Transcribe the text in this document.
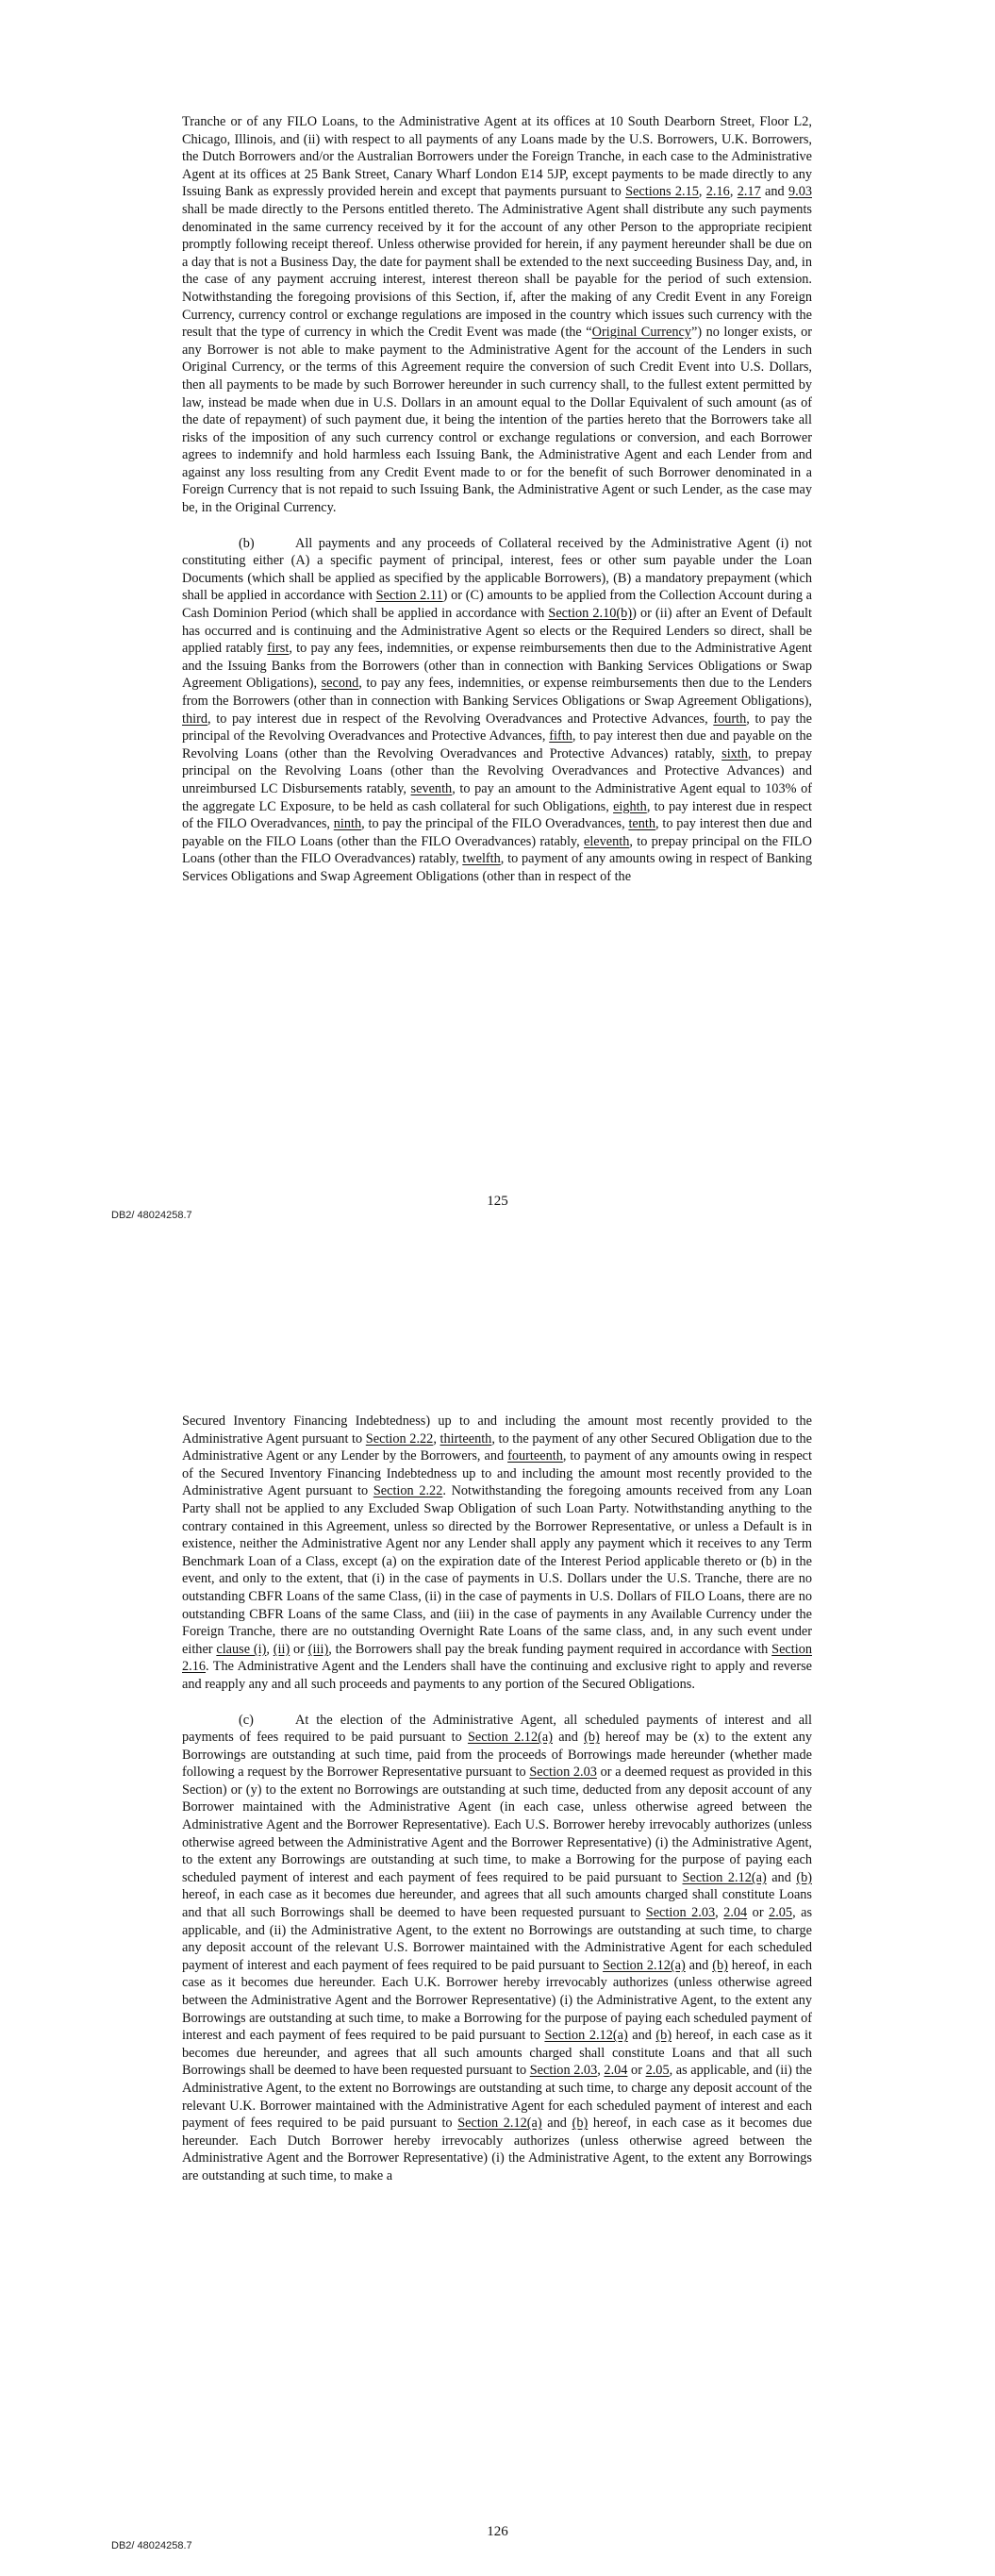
Tranche or of any FILO Loans, to the Administrative Agent at its offices at 10 South Dearborn Street, Floor L2, Chicago, Illinois, and (ii) with respect to all payments of any Loans made by the U.S. Borrowers, U.K. Borrowers, the Dutch Borrowers and/or the Australian Borrowers under the Foreign Tranche, in each case to the Administrative Agent at its offices at 25 Bank Street, Canary Wharf London E14 5JP, except payments to be made directly to any Issuing Bank as expressly provided herein and except that payments pursuant to Sections 2.15, 2.16, 2.17 and 9.03 shall be made directly to the Persons entitled thereto. The Administrative Agent shall distribute any such payments denominated in the same currency received by it for the account of any other Person to the appropriate recipient promptly following receipt thereof. Unless otherwise provided for herein, if any payment hereunder shall be due on a day that is not a Business Day, the date for payment shall be extended to the next succeeding Business Day, and, in the case of any payment accruing interest, interest thereon shall be payable for the period of such extension. Notwithstanding the foregoing provisions of this Section, if, after the making of any Credit Event in any Foreign Currency, currency control or exchange regulations are imposed in the country which issues such currency with the result that the type of currency in which the Credit Event was made (the “Original Currency”) no longer exists, or any Borrower is not able to make payment to the Administrative Agent for the account of the Lenders in such Original Currency, or the terms of this Agreement require the conversion of such Credit Event into U.S. Dollars, then all payments to be made by such Borrower hereunder in such currency shall, to the fullest extent permitted by law, instead be made when due in U.S. Dollars in an amount equal to the Dollar Equivalent of such amount (as of the date of repayment) of such payment due, it being the intention of the parties hereto that the Borrowers take all risks of the imposition of any such currency control or exchange regulations or conversion, and each Borrower agrees to indemnify and hold harmless each Issuing Bank, the Administrative Agent and each Lender from and against any loss resulting from any Credit Event made to or for the benefit of such Borrower denominated in a Foreign Currency that is not repaid to such Issuing Bank, the Administrative Agent or such Lender, as the case may be, in the Original Currency.

(b)	All payments and any proceeds of Collateral received by the Administrative Agent (i) not constituting either (A) a specific payment of principal, interest, fees or other sum payable under the Loan Documents (which shall be applied as specified by the applicable Borrowers), (B) a mandatory prepayment (which shall be applied in accordance with Section 2.11) or (C) amounts to be applied from the Collection Account during a Cash Dominion Period (which shall be applied in accordance with Section 2.10(b)) or (ii) after an Event of Default has occurred and is continuing and the Administrative Agent so elects or the Required Lenders so direct, shall be applied ratably first, to pay any fees, indemnities, or expense reimbursements then due to the Administrative Agent and the Issuing Banks from the Borrowers (other than in connection with Banking Services Obligations or Swap Agreement Obligations), second, to pay any fees, indemnities, or expense reimbursements then due to the Lenders from the Borrowers (other than in connection with Banking Services Obligations or Swap Agreement Obligations), third, to pay interest due in respect of the Revolving Overadvances and Protective Advances, fourth, to pay the principal of the Revolving Overadvances and Protective Advances, fifth, to pay interest then due and payable on the Revolving Loans (other than the Revolving Overadvances and Protective Advances) ratably, sixth, to prepay principal on the Revolving Loans (other than the Revolving Overadvances and Protective Advances) and unreimbursed LC Disbursements ratably, seventh, to pay an amount to the Administrative Agent equal to 103% of the aggregate LC Exposure, to be held as cash collateral for such Obligations, eighth, to pay interest due in respect of the FILO Overadvances, ninth, to pay the principal of the FILO Overadvances, tenth, to pay interest then due and payable on the FILO Loans (other than the FILO Overadvances) ratably, eleventh, to prepay principal on the FILO Loans (other than the FILO Overadvances) ratably, twelfth, to payment of any amounts owing in respect of Banking Services Obligations and Swap Agreement Obligations (other than in respect of the

125
DB2/ 48024258.7

Secured Inventory Financing Indebtedness) up to and including the amount most recently provided to the Administrative Agent pursuant to Section 2.22, thirteenth, to the payment of any other Secured Obligation due to the Administrative Agent or any Lender by the Borrowers, and fourteenth, to payment of any amounts owing in respect of the Secured Inventory Financing Indebtedness up to and including the amount most recently provided to the Administrative Agent pursuant to Section 2.22. Notwithstanding the foregoing amounts received from any Loan Party shall not be applied to any Excluded Swap Obligation of such Loan Party. Notwithstanding anything to the contrary contained in this Agreement, unless so directed by the Borrower Representative, or unless a Default is in existence, neither the Administrative Agent nor any Lender shall apply any payment which it receives to any Term Benchmark Loan of a Class, except (a) on the expiration date of the Interest Period applicable thereto or (b) in the event, and only to the extent, that (i) in the case of payments in U.S. Dollars under the U.S. Tranche, there are no outstanding CBFR Loans of the same Class, (ii) in the case of payments in U.S. Dollars of FILO Loans, there are no outstanding CBFR Loans of the same Class, and (iii) in the case of payments in any Available Currency under the Foreign Tranche, there are no outstanding Overnight Rate Loans of the same class, and, in any such event under either clause (i), (ii) or (iii), the Borrowers shall pay the break funding payment required in accordance with Section 2.16. The Administrative Agent and the Lenders shall have the continuing and exclusive right to apply and reverse and reapply any and all such proceeds and payments to any portion of the Secured Obligations.

(c)	At the election of the Administrative Agent, all scheduled payments of interest and all payments of fees required to be paid pursuant to Section 2.12(a) and (b) hereof may be (x) to the extent any Borrowings are outstanding at such time, paid from the proceeds of Borrowings made hereunder (whether made following a request by the Borrower Representative pursuant to Section 2.03 or a deemed request as provided in this Section) or (y) to the extent no Borrowings are outstanding at such time, deducted from any deposit account of any Borrower maintained with the Administrative Agent (in each case, unless otherwise agreed between the Administrative Agent and the Borrower Representative). Each U.S. Borrower hereby irrevocably authorizes (unless otherwise agreed between the Administrative Agent and the Borrower Representative) (i) the Administrative Agent, to the extent any Borrowings are outstanding at such time, to make a Borrowing for the purpose of paying each scheduled payment of interest and each payment of fees required to be paid pursuant to Section 2.12(a) and (b) hereof, in each case as it becomes due hereunder, and agrees that all such amounts charged shall constitute Loans and that all such Borrowings shall be deemed to have been requested pursuant to Section 2.03, 2.04 or 2.05, as applicable, and (ii) the Administrative Agent, to the extent no Borrowings are outstanding at such time, to charge any deposit account of the relevant U.S. Borrower maintained with the Administrative Agent for each scheduled payment of interest and each payment of fees required to be paid pursuant to Section 2.12(a) and (b) hereof, in each case as it becomes due hereunder. Each U.K. Borrower hereby irrevocably authorizes (unless otherwise agreed between the Administrative Agent and the Borrower Representative) (i) the Administrative Agent, to the extent any Borrowings are outstanding at such time, to make a Borrowing for the purpose of paying each scheduled payment of interest and each payment of fees required to be paid pursuant to Section 2.12(a) and (b) hereof, in each case as it becomes due hereunder, and agrees that all such amounts charged shall constitute Loans and that all such Borrowings shall be deemed to have been requested pursuant to Section 2.03, 2.04 or 2.05, as applicable, and (ii) the Administrative Agent, to the extent no Borrowings are outstanding at such time, to charge any deposit account of the relevant U.K. Borrower maintained with the Administrative Agent for each scheduled payment of interest and each payment of fees required to be paid pursuant to Section 2.12(a) and (b) hereof, in each case as it becomes due hereunder. Each Dutch Borrower hereby irrevocably authorizes (unless otherwise agreed between the Administrative Agent and the Borrower Representative) (i) the Administrative Agent, to the extent any Borrowings are outstanding at such time, to make a

126
DB2/ 48024258.7
